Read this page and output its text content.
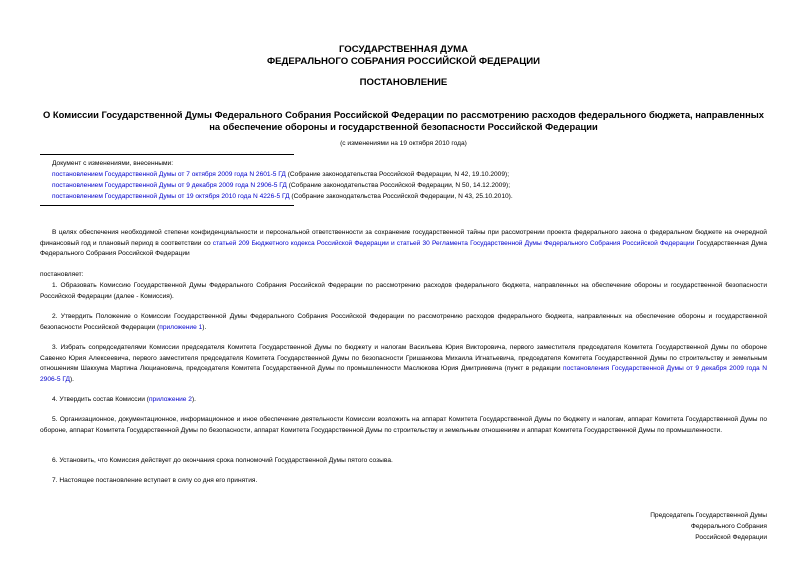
ГОСУДАРСТВЕННАЯ ДУМА
ФЕДЕРАЛЬНОГО СОБРАНИЯ РОССИЙСКОЙ ФЕДЕРАЦИИ
ПОСТАНОВЛЕНИЕ
О Комиссии Государственной Думы Федерального Собрания Российской Федерации по рассмотрению расходов федерального бюджета, направленных на обеспечение обороны и государственной безопасности Российской Федерации
(с изменениями на 19 октября 2010 года)
Документ с изменениями, внесенными:
постановлением Государственной Думы от 7 октября 2009 года N 2601-5 ГД (Собрание законодательства Российской Федерации, N 42, 19.10.2009);
постановлением Государственной Думы от 9 декабря 2009 года N 2906-5 ГД (Собрание законодательства Российской Федерации, N 50, 14.12.2009);
постановлением Государственной Думы от 19 октября 2010 года N 4226-5 ГД (Собрание законодательства Российской Федерации, N 43, 25.10.2010).
В целях обеспечения необходимой степени конфиденциальности и персональной ответственности за сохранение государственной тайны при рассмотрении проекта федерального закона о федеральном бюджете на очередной финансовый год и плановый период в соответствии со статьей 209 Бюджетного кодекса Российской Федерации и статьей 30 Регламента Государственной Думы Федерального Собрания Российской Федерации Государственная Дума Федерального Собрания Российской Федерации
постановляет:
1. Образовать Комиссию Государственной Думы Федерального Собрания Российской Федерации по рассмотрению расходов федерального бюджета, направленных на обеспечение обороны и государственной безопасности Российской Федерации (далее - Комиссия).
2. Утвердить Положение о Комиссии Государственной Думы Федерального Собрания Российской Федерации по рассмотрению расходов федерального бюджета, направленных на обеспечение обороны и государственной безопасности Российской Федерации (приложение 1).
3. Избрать сопредседателями Комиссии председателя Комитета Государственной Думы по бюджету и налогам Васильева Юрия Викторовича, первого заместителя председателя Комитета Государственной Думы по обороне Савенко Юрия Алексеевича, первого заместителя председателя Комитета Государственной Думы по безопасности Гришанкова Михаила Игнатьевича, председателя Комитета Государственной Думы по строительству и земельным отношениям Шакхума Мартина Люциановича, председателя Комитета Государственной Думы по промышленности Маслюкова Юрия Дмитриевича (пункт в редакции постановления Государственной Думы от 9 декабря 2009 года N 2906-5 ГД).
4. Утвердить состав Комиссии (приложение 2).
5. Организационное, документационное, информационное и иное обеспечение деятельности Комиссии возложить на аппарат Комитета Государственной Думы по бюджету и налогам, аппарат Комитета Государственной Думы по обороне, аппарат Комитета Государственной Думы по безопасности, аппарат Комитета Государственной Думы по строительству и земельным отношениям и аппарат Комитета Государственной Думы по промышленности.
6. Установить, что Комиссия действует до окончания срока полномочий Государственной Думы пятого созыва.
7. Настоящее постановление вступает в силу со дня его принятия.
Председатель Государственной Думы
Федерального Собрания
Российской Федерации
